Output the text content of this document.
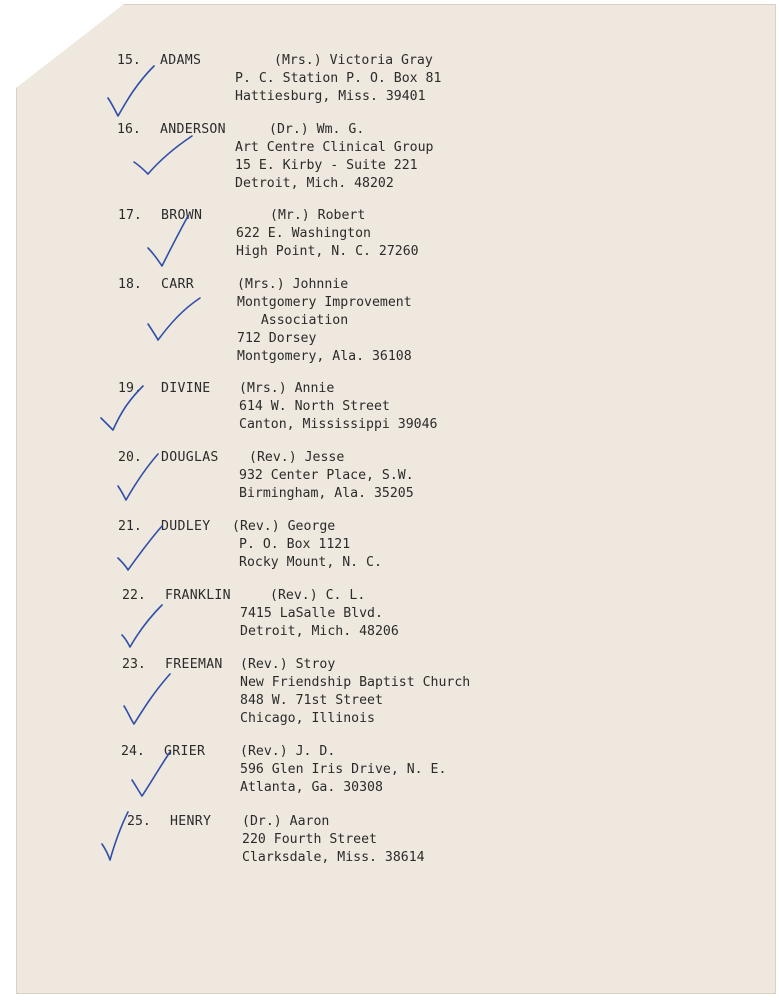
15. ADAMS	(Mrs.) Victoria Gray
P. C. Station P. O. Box 81
Hattiesburg, Miss. 39401
16. ANDERSON	(Dr.) Wm. G.
Art Centre Clinical Group
15 E. Kirby - Suite 221
Detroit, Mich. 48202
17. BROWN	(Mr.) Robert
622 E. Washington
High Point, N. C. 27260
18. CARR	(Mrs.) Johnnie
Montgomery Improvement
Association
712 Dorsey
Montgomery, Ala. 36108
19. DIVINE (Mrs.) Annie
614 W. North Street
Canton, Mississippi 39046
20. DOUGLAS (Rev.) Jesse
932 Center Place, S.W.
Birmingham, Ala. 35205
21. DUDLEY (Rev.) George
P. O. Box 1121
Rocky Mount, N. C.
22. FRANKLIN	(Rev.) C. L.
7415 LaSalle Blvd.
Detroit, Mich. 48206
23. FREEMAN (Rev.) Stroy
New Friendship Baptist Church
848 W. 71st Street
Chicago, Illinois
24. GRIER	(Rev.) J. D.
596 Glen Iris Drive, N. E.
Atlanta, Ga. 30308
25. HENRY (Dr.) Aaron
220 Fourth Street
Clarksdale, Miss. 38614
